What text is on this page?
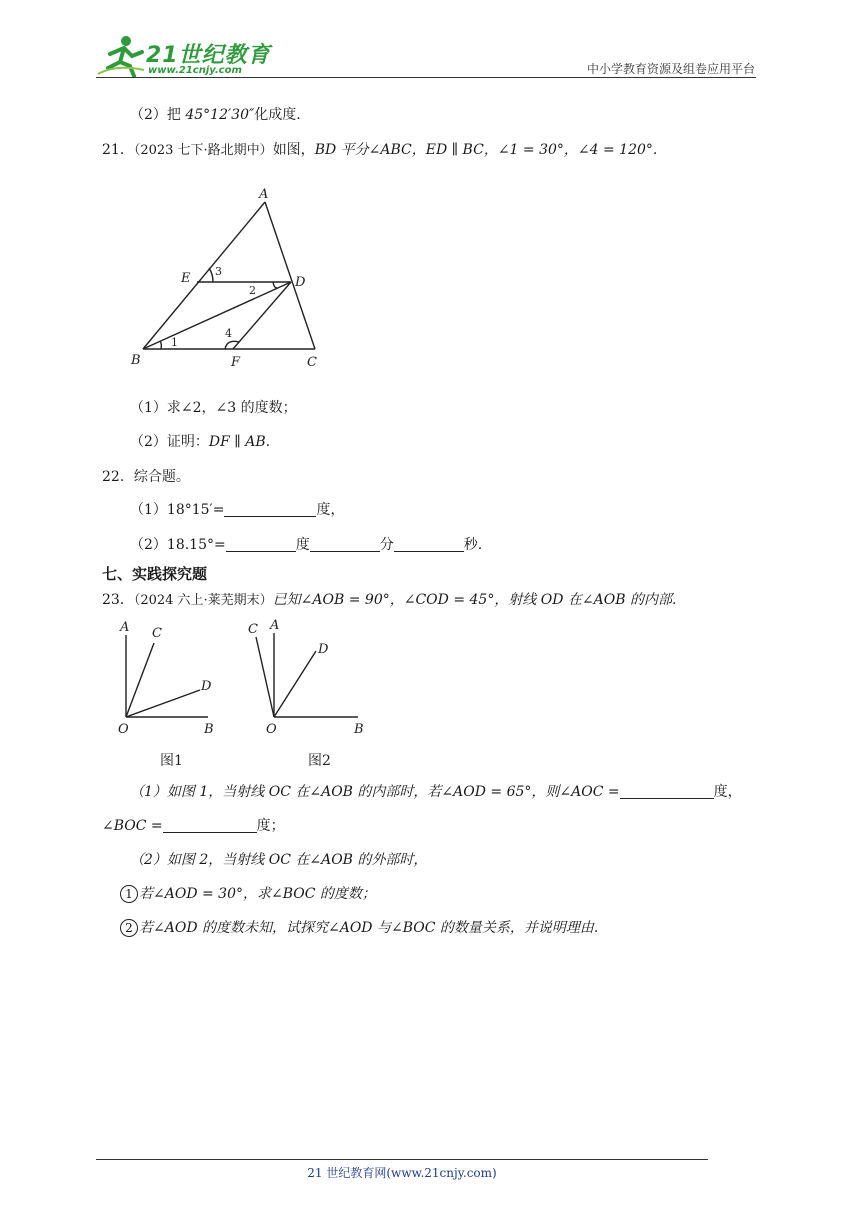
21世纪教育
www.21cnjy.com	中小学教育资源及组卷应用平台
（2）把 45°12′30″化成度.
21．（2023 七下·路北期中）如图，BD 平分∠ABC，ED ∥ BC，∠1 = 30°，∠4 = 120°.
A
E	D
B	F	C
3
2
4
1
（1）求∠2，∠3 的度数；
（2）证明：DF ∥ AB.
22．综合题。
（1）18°15′=	度，
（2）18.15°=	度	分	秒.
七、实践探究题
23．（2024 六上·莱芜期末）已知∠AOB = 90°，∠COD = 45°，射线 OD 在∠AOB 的内部.
A C
D
O	B
图1
C A
D
O	B
图2
（1）如图 1，当射线 OC 在∠AOB 的内部时，若∠AOD = 65°，则∠AOC =	度，
∠BOC =	度；
（2）如图 2，当射线 OC 在∠AOB 的外部时，
1 若∠AOD = 30°，求∠BOC 的度数；
2 若∠AOD 的度数未知，试探究∠AOD 与∠BOC 的数量关系，并说明理由.
21 世纪教育网(www.21cnjy.com)
